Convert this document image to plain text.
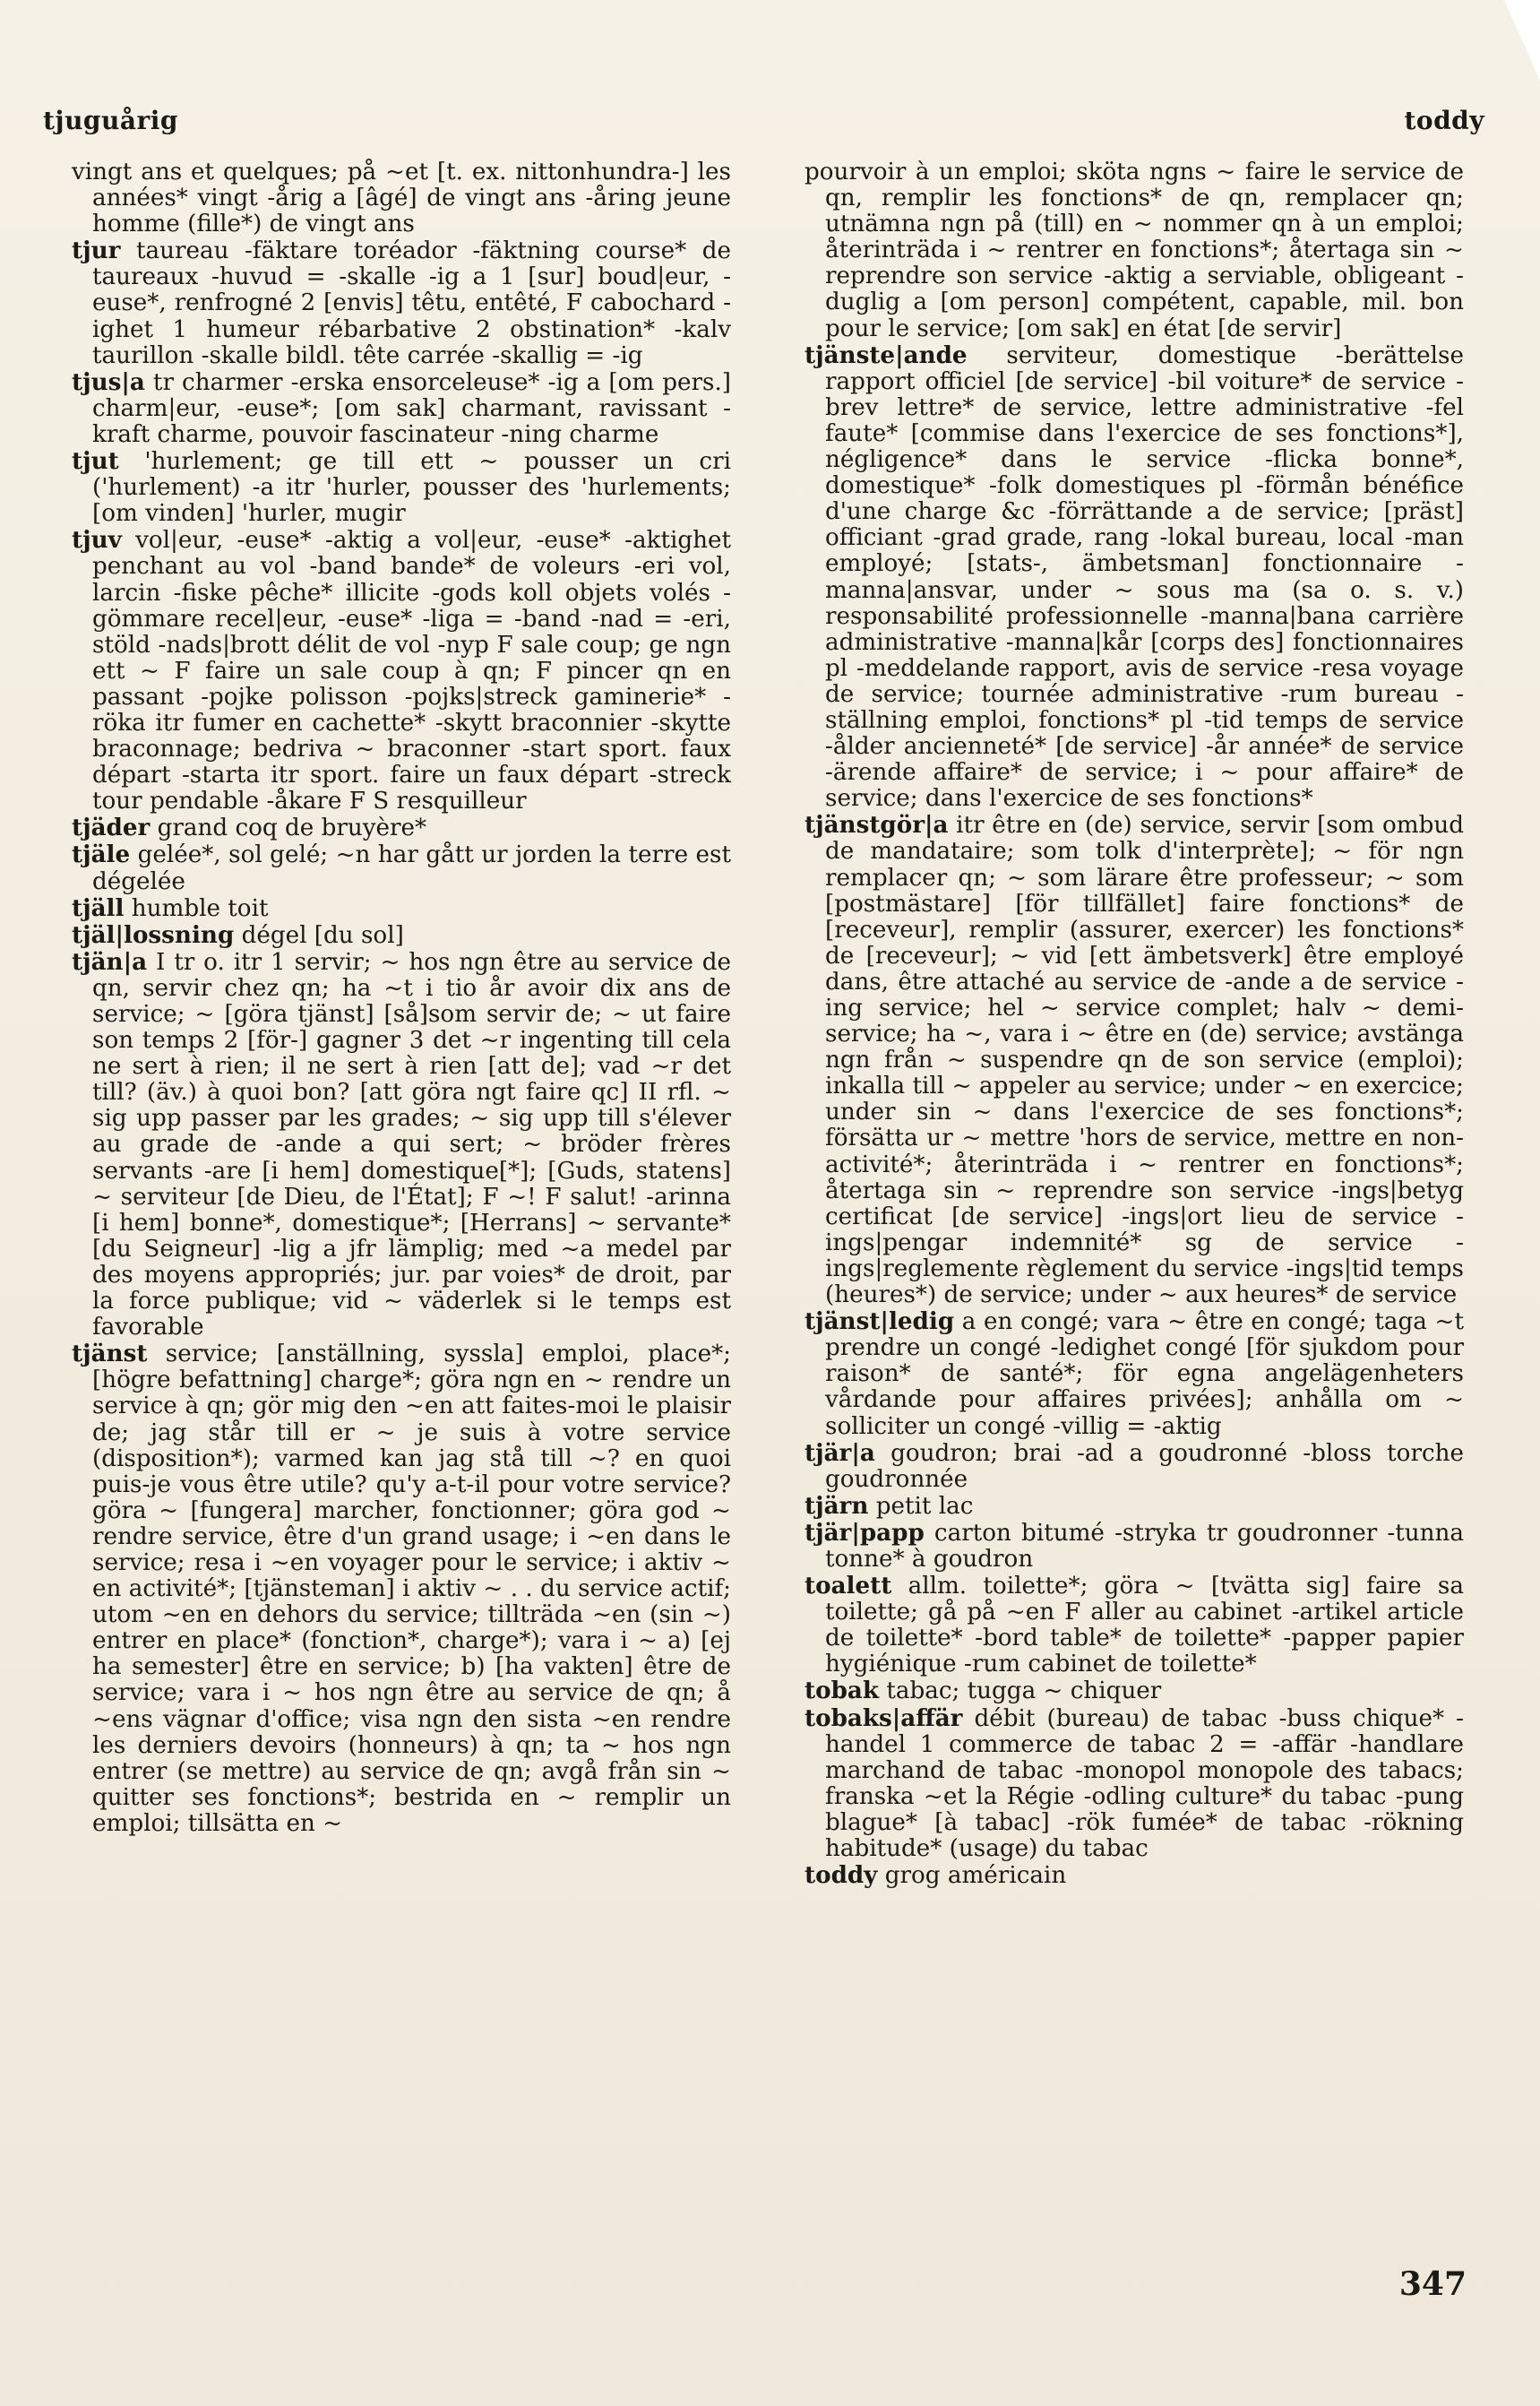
tjuguårig	toddy

vingt ans et quelques; på ~et [t. ex. nittonhundra-] les années* vingt -årig a [âgé] de vingt ans -åring jeune homme (fille*) de vingt ans

tjur taureau -fäktare toréador -fäktning course* de taureaux -huvud = -skalle -ig a 1 [sur] boud|eur, -euse*, renfrogné 2 [envis] têtu, entêté, F cabochard -ighet 1 humeur rébarbative 2 obstination* -kalv taurillon -skalle bildl. tête carrée -skallig = -ig

tjus|a tr charmer -erska ensorceleuse* -ig a [om pers.] charm|eur, -euse*; [om sak] charmant, ravissant -kraft charme, pouvoir fascinateur -ning charme

tjut 'hurlement; ge till ett ~ pousser un cri ('hurlement) -a itr 'hurler, pousser des 'hurlements; [om vinden] 'hurler, mugir

tjuv vol|eur, -euse* -aktig a vol|eur, -euse* -aktighet penchant au vol -band bande* de voleurs -eri vol, larcin -fiske pêche* illicite -gods koll objets volés -gömmare recel|eur, -euse* -liga = -band -nad = -eri, stöld -nads|brott délit de vol -nyp F sale coup; ge ngn ett ~ F faire un sale coup à qn; F pincer qn en passant -pojke polisson -pojks|streck gaminerie* -röka itr fumer en cachette* -skytt braconnier -skytte braconnage; bedriva ~ braconner -start sport. faux départ -starta itr sport. faire un faux départ -streck tour pendable -åkare F S resquilleur

tjäder grand coq de bruyère*

tjäle gelée*, sol gelé; ~n har gått ur jorden la terre est dégelée

tjäll humble toit

tjäl|lossning dégel [du sol]

tjän|a I tr o. itr 1 servir; ~ hos ngn être au service de qn, servir chez qn; ha ~t i tio år avoir dix ans de service; ~ [göra tjänst] [så]som servir de; ~ ut faire son temps 2 [för-] gagner 3 det ~r ingenting till cela ne sert à rien; il ne sert à rien [att de]; vad ~r det till? (äv.) à quoi bon? [att göra ngt faire qc] II rfl. ~ sig upp passer par les grades; ~ sig upp till s'élever au grade de -ande a qui sert; ~ bröder frères servants -are [i hem] domestique[*]; [Guds, statens] ~ serviteur [de Dieu, de l'État]; F ~! F salut! -arinna [i hem] bonne*, domestique*; [Herrans] ~ servante* [du Seigneur] -lig a jfr lämplig; med ~a medel par des moyens appropriés; jur. par voies* de droit, par la force publique; vid ~ väderlek si le temps est favorable

tjänst service; [anställning, syssla] emploi, place*; [högre befattning] charge*; göra ngn en ~ rendre un service à qn; gör mig den ~en att faites-moi le plaisir de; jag står till er ~ je suis à votre service (disposition*); varmed kan jag stå till ~? en quoi puis-je vous être utile? qu'y a-t-il pour votre service? göra ~ [fungera] marcher, fonctionner; göra god ~ rendre service, être d'un grand usage; i ~en dans le service; resa i ~en voyager pour le service; i aktiv ~ en activité*; [tjänsteman] i aktiv ~ . . du service actif; utom ~en en dehors du service; tillträda ~en (sin ~) entrer en place* (fonction*, charge*); vara i ~ a) [ej ha semester] être en service; b) [ha vakten] être de service; vara i ~ hos ngn être au service de qn; å ~ens vägnar d'office; visa ngn den sista ~en rendre les derniers devoirs (honneurs) à qn; ta ~ hos ngn entrer (se mettre) au service de qn; avgå från sin ~ quitter ses fonctions*; bestrida en ~ remplir un emploi; tillsätta en ~

pourvoir à un emploi; sköta ngns ~ faire le service de qn, remplir les fonctions* de qn, remplacer qn; utnämna ngn på (till) en ~ nommer qn à un emploi; återinträda i ~ rentrer en fonctions*; återtaga sin ~ reprendre son service -aktig a serviable, obligeant -duglig a [om person] compétent, capable, mil. bon pour le service; [om sak] en état [de servir]

tjänste|ande serviteur, domestique -berättelse rapport officiel [de service] -bil voiture* de service -brev lettre* de service, lettre administrative -fel faute* [commise dans l'exercice de ses fonctions*], négligence* dans le service -flicka bonne*, domestique* -folk domestiques pl -förmån bénéfice d'une charge &c -förrättande a de service; [präst] officiant -grad grade, rang -lokal bureau, local -man employé; [stats-, ämbetsman] fonctionnaire -manna|ansvar, under ~ sous ma (sa o. s. v.) responsabilité professionnelle -manna|bana carrière administrative -manna|kår [corps des] fonctionnaires pl -meddelande rapport, avis de service -resa voyage de service; tournée administrative -rum bureau -ställning emploi, fonctions* pl -tid temps de service -ålder ancienneté* [de service] -år année* de service -ärende affaire* de service; i ~ pour affaire* de service; dans l'exercice de ses fonctions*

tjänstgör|a itr être en (de) service, servir [som ombud de mandataire; som tolk d'interprète]; ~ för ngn remplacer qn; ~ som lärare être professeur; ~ som [postmästare] [för tillfället] faire fonctions* de [receveur], remplir (assurer, exercer) les fonctions* de [receveur]; ~ vid [ett ämbetsverk] être employé dans, être attaché au service de -ande a de service -ing service; hel ~ service complet; halv ~ demi-service; ha ~, vara i ~ être en (de) service; avstänga ngn från ~ suspendre qn de son service (emploi); inkalla till ~ appeler au service; under ~ en exercice; under sin ~ dans l'exercice de ses fonctions*; försätta ur ~ mettre 'hors de service, mettre en non-activité*; återinträda i ~ rentrer en fonctions*; återtaga sin ~ reprendre son service -ings|betyg certificat [de service] -ings|ort lieu de service -ings|pengar indemnité* sg de service -ings|reglemente règlement du service -ings|tid temps (heures*) de service; under ~ aux heures* de service

tjänst|ledig a en congé; vara ~ être en congé; taga ~t prendre un congé -ledighet congé [för sjukdom pour raison* de santé*; för egna angelägenheters vårdande pour affaires privées]; anhålla om ~ solliciter un congé -villig = -aktig

tjär|a goudron; brai -ad a goudronné -bloss torche goudronnée

tjärn petit lac

tjär|papp carton bitumé -stryka tr goudronner -tunna tonne* à goudron

toalett allm. toilette*; göra ~ [tvätta sig] faire sa toilette; gå på ~en F aller au cabinet -artikel article de toilette* -bord table* de toilette* -papper papier hygiénique -rum cabinet de toilette*

tobak tabac; tugga ~ chiquer

tobaks|affär débit (bureau) de tabac -buss chique* -handel 1 commerce de tabac 2 = -affär -handlare marchand de tabac -monopol monopole des tabacs; franska ~et la Régie -odling culture* du tabac -pung blague* [à tabac] -rök fumée* de tabac -rökning habitude* (usage) du tabac

toddy grog américain

347
